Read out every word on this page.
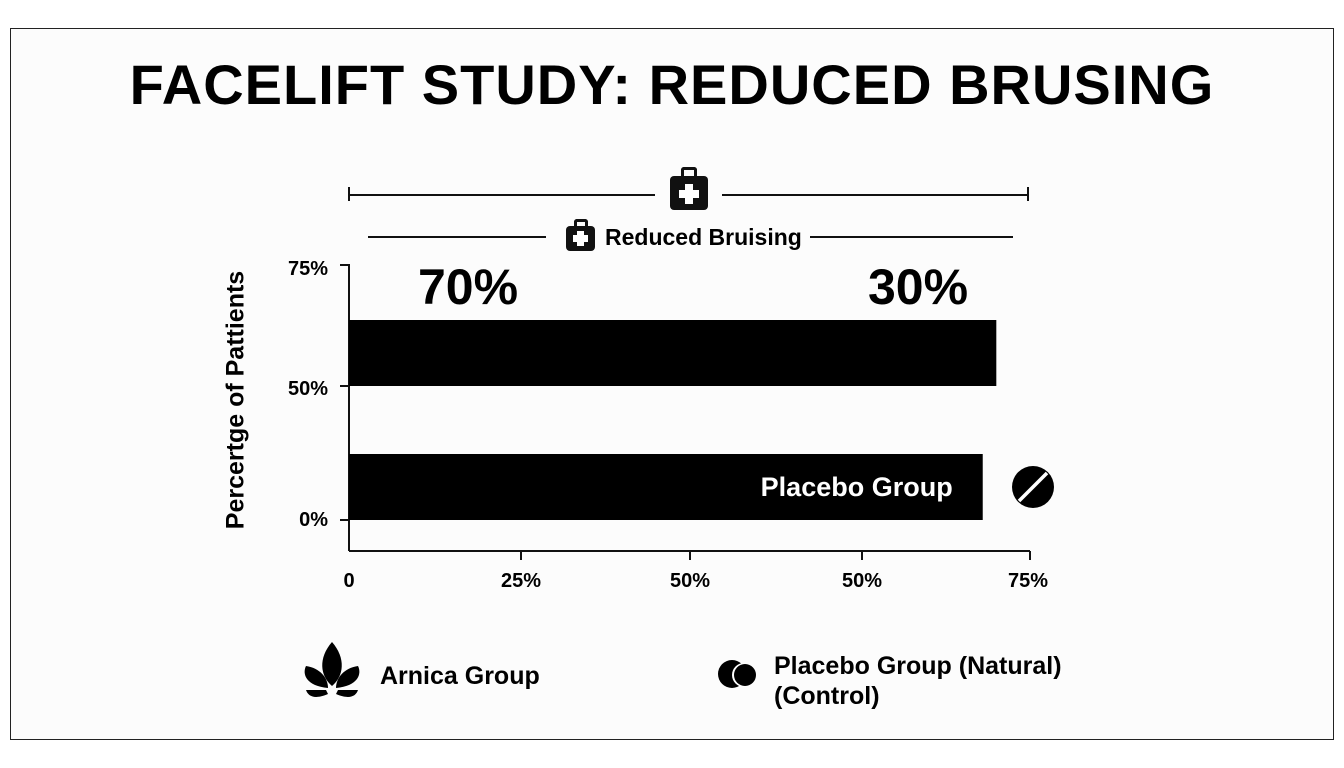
FACELIFT STUDY: REDUCED BRUSING
Reduced Bruising
Percertge of Pattients
75%
50%
0%
0	25%	50%	50%	75%
70%	30%
Placebo Group
Arnica Group	Placebo Group (Natural)
(Control)
